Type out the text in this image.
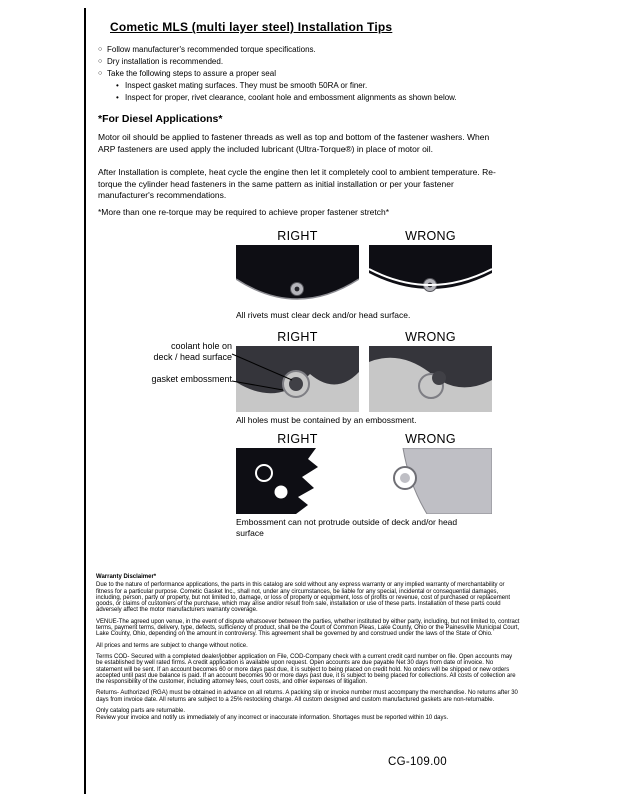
Cometic MLS (multi layer steel) Installation Tips
○ Follow manufacturer's recommended torque specifications.
○ Dry installation is recommended.
○ Take the following steps to assure a proper seal
• Inspect gasket mating surfaces. They must be smooth 50RA or finer.
• Inspect for proper, rivet clearance, coolant hole and embossment alignments as shown below.
*For Diesel Applications*
Motor oil should be applied to fastener threads as well as top and bottom of the fastener washers. When ARP fasteners are used apply the included lubricant (Ultra-Torque®) in place of motor oil.
After Installation is complete, heat cycle the engine then let it completely cool to ambient temperature. Re-torque the cylinder head fasteners in the same pattern as initial installation or per your fastener manufacturer's recommendations.
*More than one re-torque may be required to achieve proper fastener stretch*
RIGHT	WRONG
All rivets must clear deck and/or head surface.
RIGHT	WRONG
All holes must be contained by an embossment.
coolant hole on
deck / head surface
gasket embossment
RIGHT	WRONG
Embossment can not protrude outside of deck and/or head surface

Warranty Disclaimer*

Due to the nature of performance applications, the parts in this catalog are sold without any express warranty or any implied warranty of merchantability or fitness for a particular purpose. Cometic Gasket Inc., shall not, under any circumstances, be liable for any special, incidental or consequential damages, including, person, party or property, but not limited to, damage, or loss of property or equipment, loss of profits or revenue, cost of purchased or replacement goods, or claims of customers of the purchase, which may arise and/or result from sale, installation or use of these parts. Installation of these parts could adversely affect the motor manufacturers warranty coverage.

VENUE-The agreed upon venue, in the event of dispute whatsoever between the parties, whether instituted by either party, including, but not limited to, contract terms, payment terms, delivery, type, defects, sufficiency of product, shall be the Court of Common Pleas, Lake County, Ohio or the Painesville Municipal Court, Lake County, Ohio, depending on the amount in controversy. This agreement shall be governed by and construed under the laws of the State of Ohio.

All prices and terms are subject to change without notice.

Terms COD- Secured with a completed dealer/jobber application on File, COD-Company check with a current credit card number on file. Open accounts may be established by well rated firms. A credit application is available upon request. Open accounts are due payable Net 30 days from date of invoice. No statement will be sent. If an account becomes 60 or more days past due, it is subject to being placed on credit hold. No orders will be shipped or new orders accepted until past due balance is paid. If an account becomes 90 or more days past due, it is subject to being placed for collections. All costs of collection are the responsibility of the customer, including attorney fees, court costs, and other expenses of litigation.

Returns- Authorized (RGA) must be obtained in advance on all returns. A packing slip or invoice number must accompany the merchandise. No returns after 30 days from invoice date. All returns are subject to a 25% restocking charge. All custom designed and custom manufactured gaskets are non-returnable.

Only catalog parts are returnable.

Review your invoice and notify us immediately of any incorrect or inaccurate information. Shortages must be reported within 10 days.

CG-109.00
